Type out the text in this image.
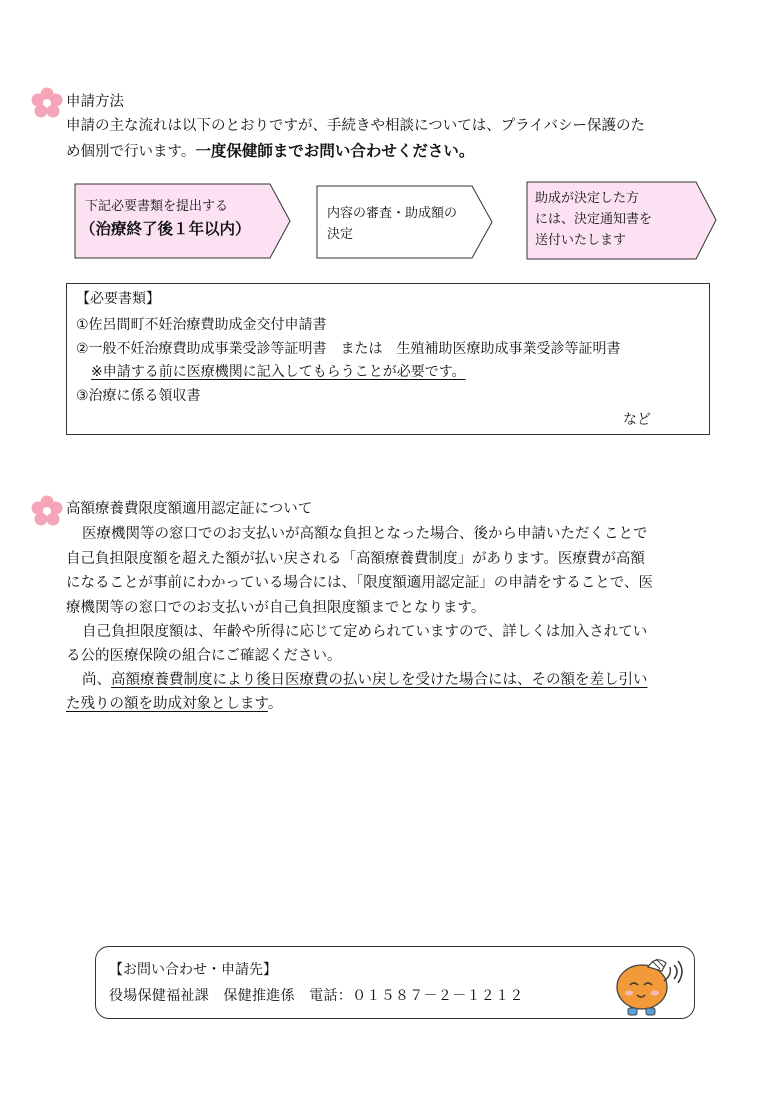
申請方法
申請の主な流れは以下のとおりですが、手続きや相談については、プライバシー保護のた
め個別で行います。一度保健師までお問い合わせください。
下記必要書類を提出する
（治療終了後１年以内）
内容の審査・助成額の
決定
助成が決定した方
には、決定通知書を
送付いたします
【必要書類】
①佐呂間町不妊治療費助成金交付申請書
②一般不妊治療費助成事業受診等証明書　または　生殖補助医療助成事業受診等証明書
※申請する前に医療機関に記入してもらうことが必要です。
③治療に係る領収書
など
高額療養費限度額適用認定証について
医療機関等の窓口でのお支払いが高額な負担となった場合、後から申請いただくことで
自己負担限度額を超えた額が払い戻される「高額療養費制度」があります。医療費が高額
になることが事前にわかっている場合には、「限度額適用認定証」の申請をすることで、医
療機関等の窓口でのお支払いが自己負担限度額までとなります。
自己負担限度額は、年齢や所得に応じて定められていますので、詳しくは加入されてい
る公的医療保険の組合にご確認ください。
尚、高額療養費制度により後日医療費の払い戻しを受けた場合には、その額を差し引い
た残りの額を助成対象とします。
【お問い合わせ・申請先】
役場保健福祉課　保健推進係　電話：０１５８７－２－１２１２
